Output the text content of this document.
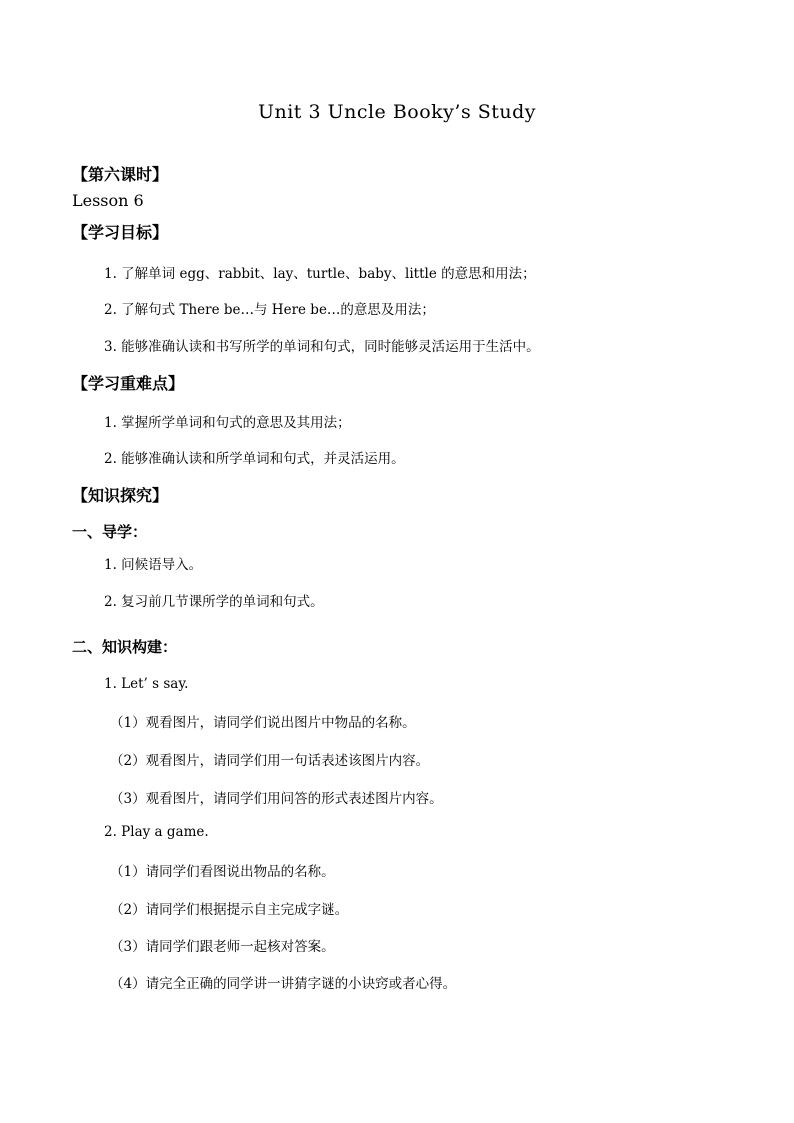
Unit 3 Uncle Booky’s Study
【第六课时】
Lesson 6
【学习目标】
1. 了解单词 egg、rabbit、lay、turtle、baby、little 的意思和用法；
2. 了解句式 There be…与 Here be…的意思及用法；
3. 能够准确认读和书写所学的单词和句式，同时能够灵活运用于生活中。
【学习重难点】
1. 掌握所学单词和句式的意思及其用法；
2. 能够准确认读和所学单词和句式，并灵活运用。
【知识探究】
一、导学：
1. 问候语导入。
2. 复习前几节课所学的单词和句式。
二、知识构建：
1. Let’ s say.
（1）观看图片，请同学们说出图片中物品的名称。
（2）观看图片，请同学们用一句话表述该图片内容。
（3）观看图片，请同学们用问答的形式表述图片内容。
2. Play a game.
（1）请同学们看图说出物品的名称。
（2）请同学们根据提示自主完成字谜。
（3）请同学们跟老师一起核对答案。
（4）请完全正确的同学讲一讲猜字谜的小诀窍或者心得。
